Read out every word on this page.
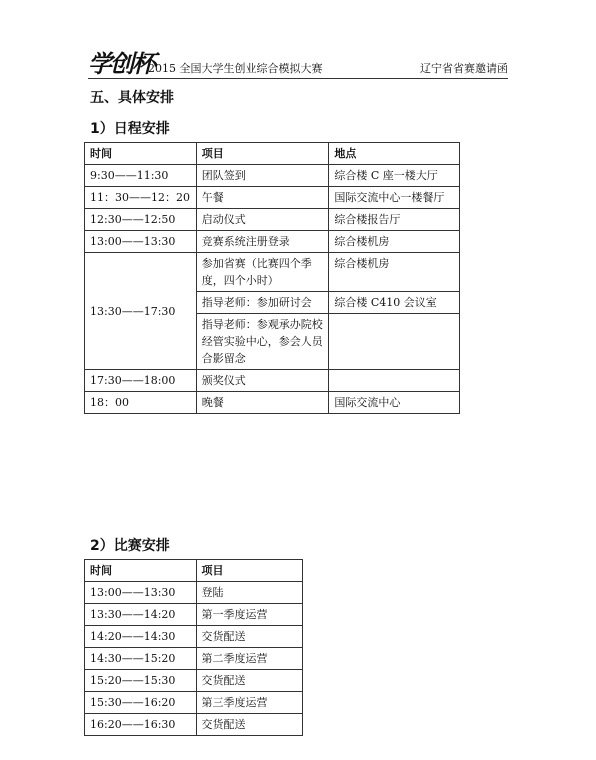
学创杯
2015 全国大学生创业综合模拟大赛	辽宁省省赛邀请函
五、具体安排
1）日程安排
时间	项目	地点
9:30——11:30	团队签到	综合楼 C 座一楼大厅
11：30——12：20	午餐	国际交流中心一楼餐厅
12:30——12:50	启动仪式	综合楼报告厅
13:00——13:30	竞赛系统注册登录	综合楼机房
13:30——17:30	参加省赛（比赛四个季度，四个小时）	综合楼机房
	指导老师：参加研讨会	综合楼 C410 会议室
	指导老师：参观承办院校经管实验中心，参会人员合影留念	
17:30——18:00	颁奖仪式	
18：00	晚餐	国际交流中心
2）比赛安排
时间	项目
13:00——13:30	登陆
13:30——14:20	第一季度运营
14:20——14:30	交货配送
14:30——15:20	第二季度运营
15:20——15:30	交货配送
15:30——16:20	第三季度运营
16:20——16:30	交货配送
